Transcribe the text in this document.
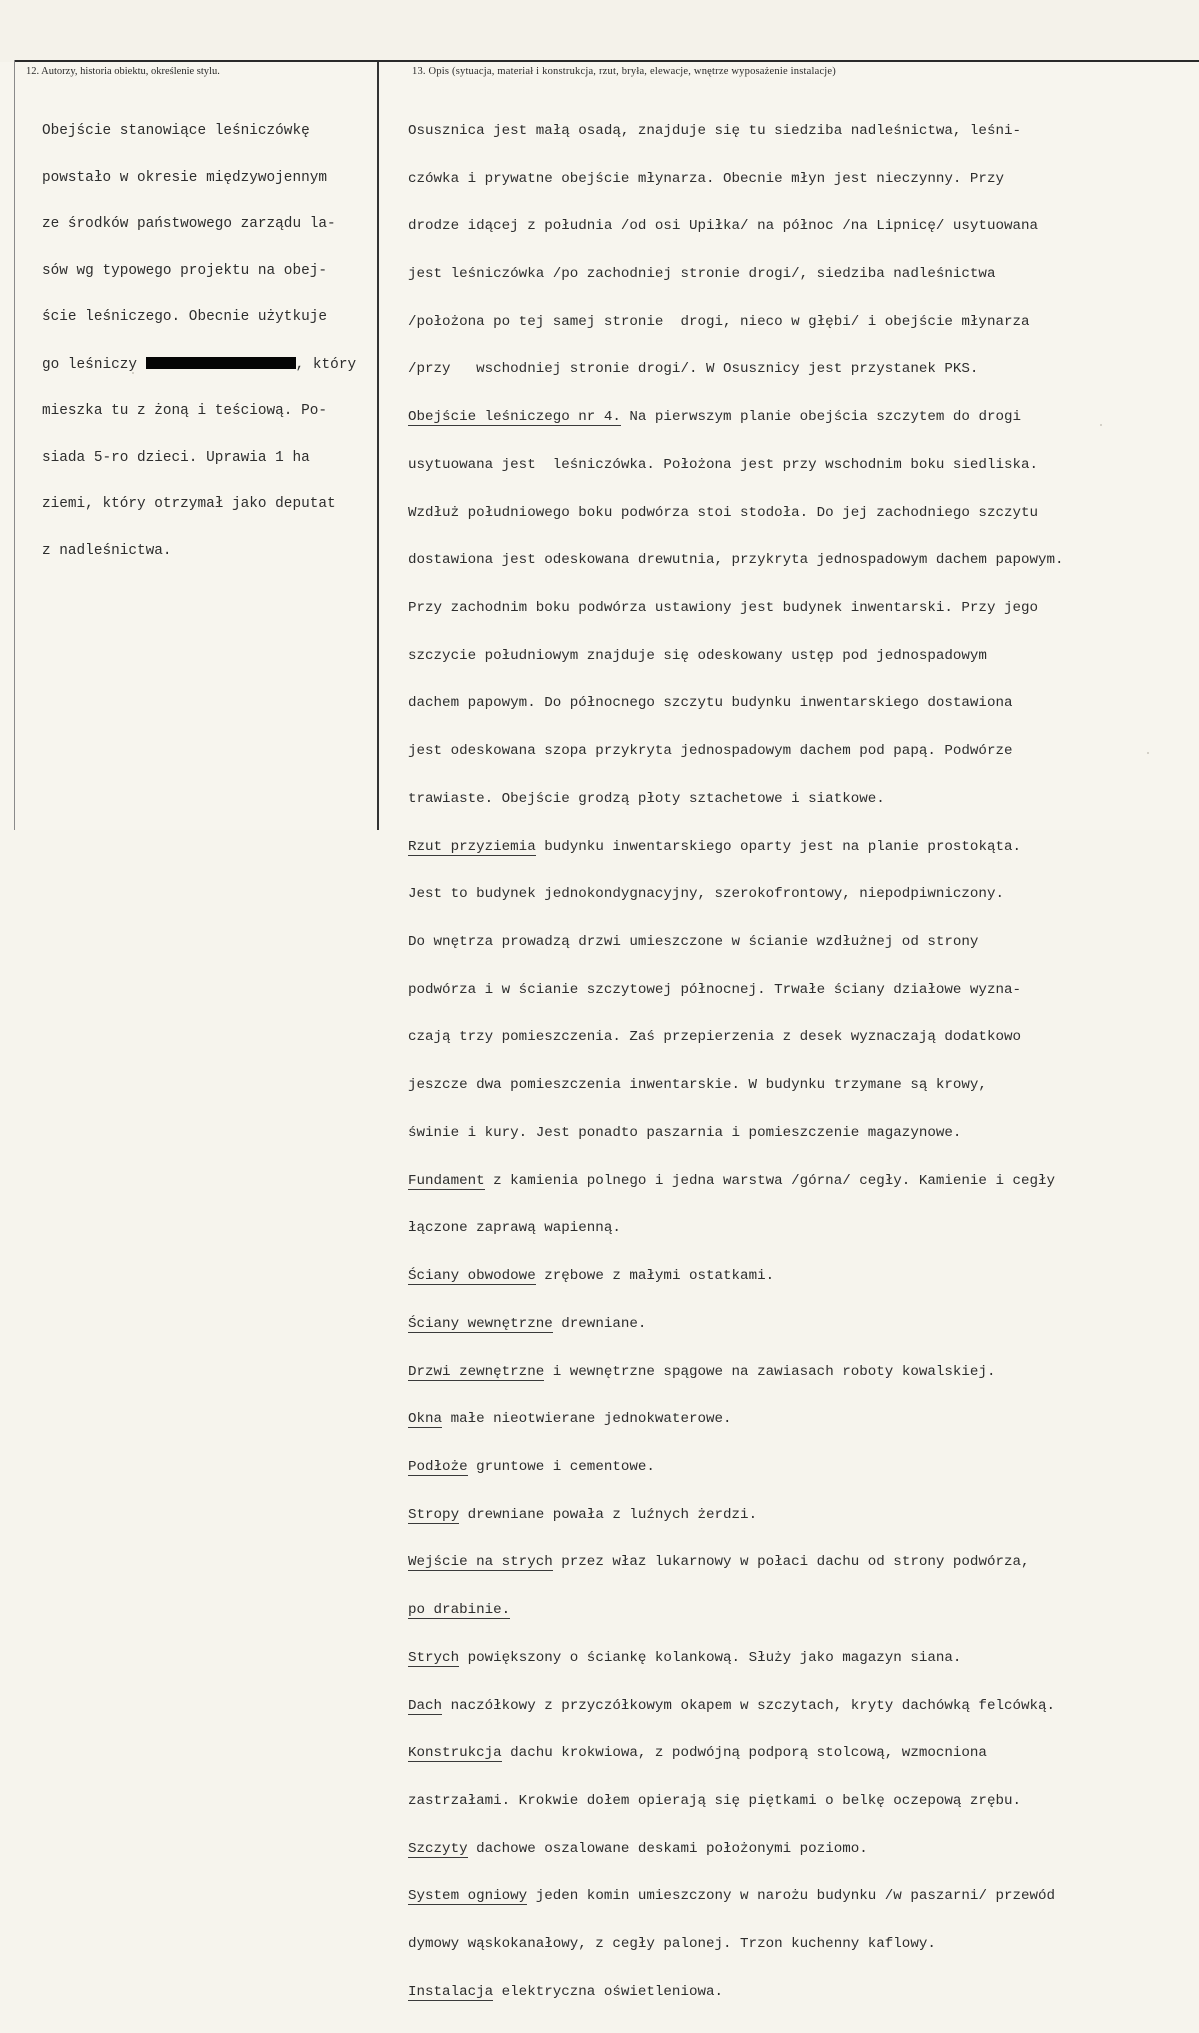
12. Autorzy, historia obiektu, określenie stylu.	13. Opis (sytuacja, materiał i konstrukcja, rzut, bryła, elewacje, wnętrze wyposażenie instalacje)

Obejście stanowiące leśniczówkę

powstało w okresie międzywojennym

ze środków państwowego zarządu la-

sów wg typowego projektu na obej-

ście leśniczego. Obecnie użytkuje

go leśniczy	, który

mieszka tu z żoną i teściową. Po-

siada 5-ro dzieci. Uprawia 1 ha

ziemi, który otrzymał jako deputat

z nadleśnictwa.

Osusznica jest małą osadą, znajduje się tu siedziba nadleśnictwa, leśni-

czówka i prywatne obejście młynarza. Obecnie młyn jest nieczynny. Przy

drodze idącej z południa /od osi Upiłka/ na północ /na Lipnicę/ usytuowana

jest leśniczówka /po zachodniej stronie drogi/, siedziba nadleśnictwa

/położona po tej samej stronie  drogi, nieco w głębi/ i obejście młynarza

/przy   wschodniej stronie drogi/. W Osusznicy jest przystanek PKS.

Obejście leśniczego nr 4. Na pierwszym planie obejścia szczytem do drogi

usytuowana jest  leśniczówka. Położona jest przy wschodnim boku siedliska.

Wzdłuż południowego boku podwórza stoi stodoła. Do jej zachodniego szczytu

dostawiona jest odeskowana drewutnia, przykryta jednospadowym dachem papowym.

Przy zachodnim boku podwórza ustawiony jest budynek inwentarski. Przy jego

szczycie południowym znajduje się odeskowany ustęp pod jednospadowym

dachem papowym. Do północnego szczytu budynku inwentarskiego dostawiona

jest odeskowana szopa przykryta jednospadowym dachem pod papą. Podwórze

trawiaste. Obejście grodzą płoty sztachetowe i siatkowe.

Rzut przyziemia budynku inwentarskiego oparty jest na planie prostokąta.

Jest to budynek jednokondygnacyjny, szerokofrontowy, niepodpiwniczony.

Do wnętrza prowadzą drzwi umieszczone w ścianie wzdłużnej od strony

podwórza i w ścianie szczytowej północnej. Trwałe ściany działowe wyzna-

czają trzy pomieszczenia. Zaś przepierzenia z desek wyznaczają dodatkowo

jeszcze dwa pomieszczenia inwentarskie. W budynku trzymane są krowy,

świnie i kury. Jest ponadto paszarnia i pomieszczenie magazynowe.

Fundament z kamienia polnego i jedna warstwa /górna/ cegły. Kamienie i cegły

łączone zaprawą wapienną.

Ściany obwodowe zrębowe z małymi ostatkami.

Ściany wewnętrzne drewniane.

Drzwi zewnętrzne i wewnętrzne spągowe na zawiasach roboty kowalskiej.

Okna małe nieotwierane jednokwaterowe.

Podłoże gruntowe i cementowe.

Stropy drewniane powała z luźnych żerdzi.

Wejście na strych przez właz lukarnowy w połaci dachu od strony podwórza,

po drabinie.

Strych powiększony o ściankę kolankową. Służy jako magazyn siana.

Dach naczółkowy z przyczółkowym okapem w szczytach, kryty dachówką felcówką.

Konstrukcja dachu krokwiowa, z podwójną podporą stolcową, wzmocniona

zastrzałami. Krokwie dołem opierają się piętkami o belkę oczepową zrębu.

Szczyty dachowe oszalowane deskami położonymi poziomo.

System ogniowy jeden komin umieszczony w narożu budynku /w paszarni/ przewód

dymowy wąskokanałowy, z cegły palonej. Trzon kuchenny kaflowy.

Instalacja elektryczna oświetleniowa.
